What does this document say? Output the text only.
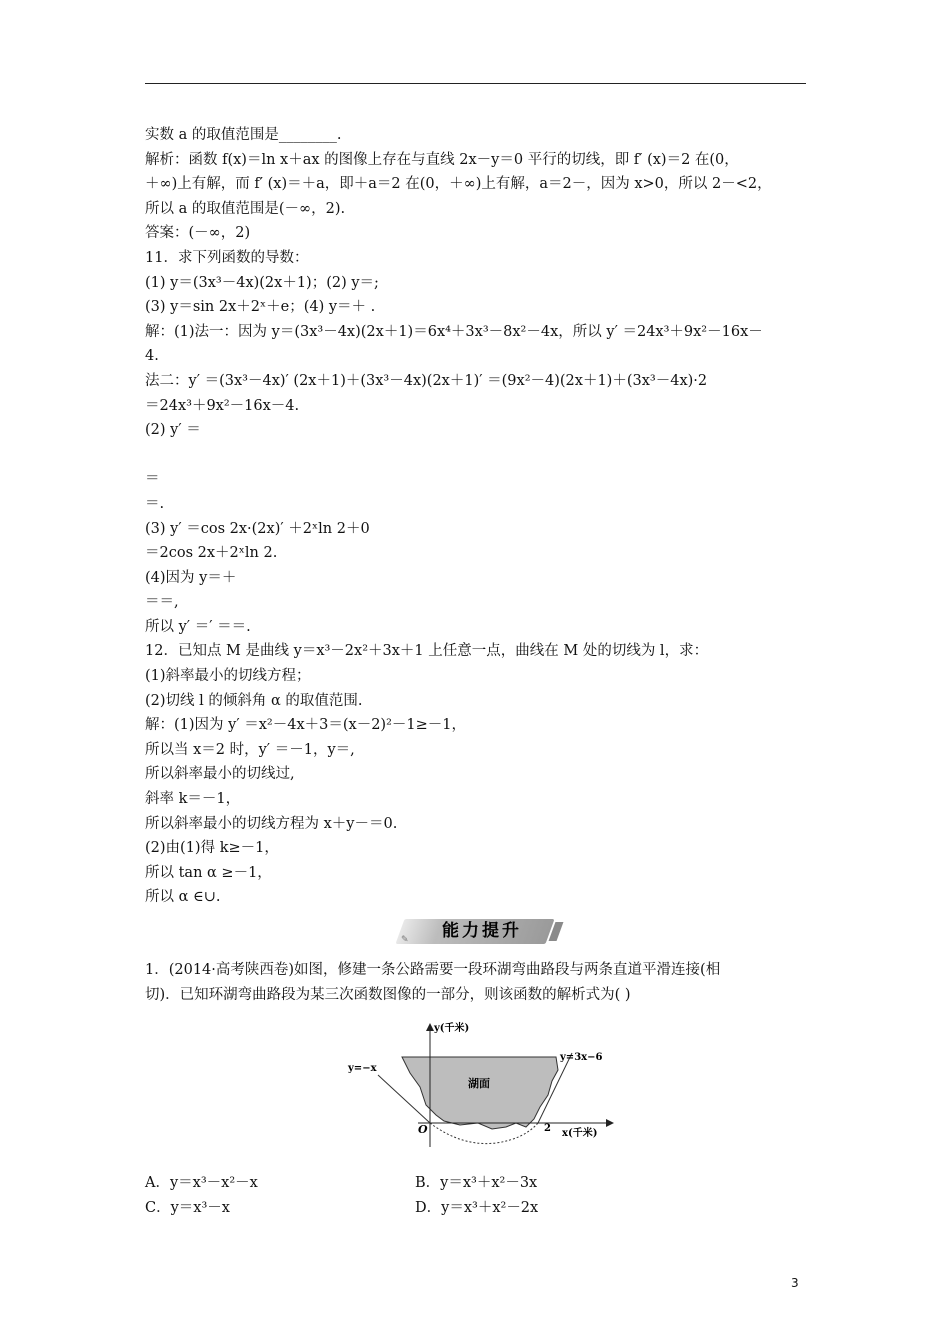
实数 a 的取值范围是________.
解析：函数 f(x)＝ln x＋ax 的图像上存在与直线 2x－y＝0 平行的切线，即 f′ (x)＝2 在(0，
＋∞)上有解，而 f′ (x)＝＋a，即＋a＝2 在(0，＋∞)上有解，a＝2－，因为 x>0，所以 2－<2，
所以 a 的取值范围是(－∞，2).
答案：(－∞，2)
11．求下列函数的导数：
(1) y＝(3x³－4x)(2x＋1)；(2) y＝;
(3) y＝sin 2x＋2ˣ＋e；(4) y＝＋ .
解：(1)法一：因为 y＝(3x³－4x)(2x＋1)＝6x⁴＋3x³－8x²－4x，所以 y′ ＝24x³＋9x²－16x－
4.
法二：y′ ＝(3x³－4x)′ (2x＋1)＋(3x³－4x)(2x＋1)′ ＝(9x²－4)(2x＋1)＋(3x³－4x)·2
＝24x³＋9x²－16x－4.
(2) y′ ＝
＝
＝.
(3) y′ ＝cos 2x·(2x)′ ＋2ˣln 2＋0
＝2cos 2x＋2ˣln 2.
(4)因为 y＝＋
＝＝,
所以 y′ ＝′ ＝＝.
12．已知点 M 是曲线 y＝x³－2x²＋3x＋1 上任意一点，曲线在 M 处的切线为 l，求：
(1)斜率最小的切线方程；
(2)切线 l 的倾斜角 α 的取值范围.
解：(1)因为 y′ ＝x²－4x＋3＝(x－2)²－1≥－1，
所以当 x＝2 时，y′ ＝－1，y＝,
所以斜率最小的切线过,
斜率 k＝－1，
所以斜率最小的切线方程为 x＋y－＝0.
(2)由(1)得 k≥－1，
所以 tan α ≥－1，
所以 α ∈∪.
✎	能力提升
1．(2014·高考陕西卷)如图，修建一条公路需要一段环湖弯曲路段与两条直道平滑连接(相
切)．已知环湖弯曲路段为某三次函数图像的一部分，则该函数的解析式为( )
y(千米)
x(千米)
y=−x
y=3x−6
湖面
O	2
A．y＝x³－x²－x	B．y＝x³＋x²－3x
C．y＝x³－x	D．y＝x³＋x²－2x
3
